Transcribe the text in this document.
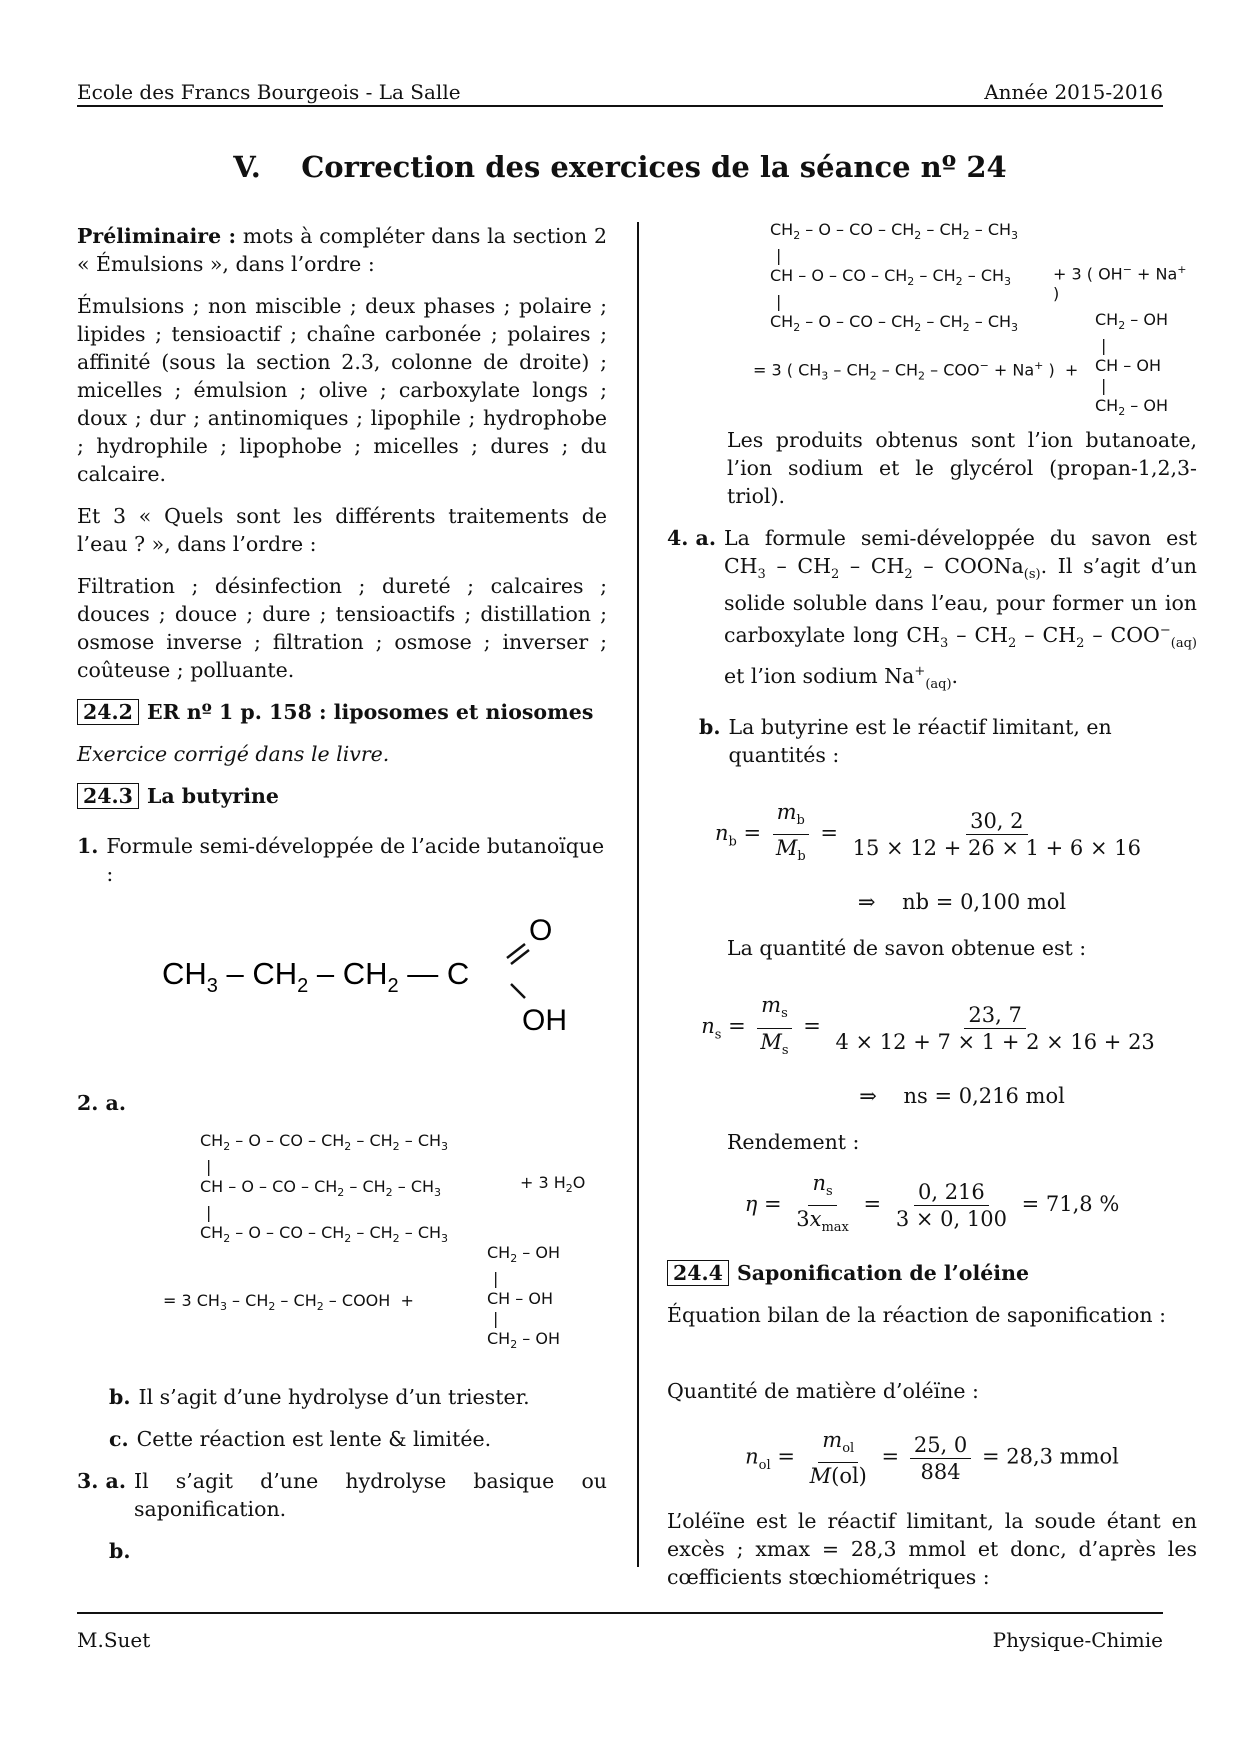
Ecole des Francs Bourgeois - La Salle	Année 2015-2016
M.Suet	Physique-Chimie
V.    Correction des exercices de la séance nº 24

Préliminaire : mots à compléter dans la section 2 « Émulsions », dans l’ordre :

Émulsions ; non miscible ; deux phases ; polaire ; lipides ; tensioactif ; chaîne carbonée ; polaires ; affinité (sous la section 2.3, colonne de droite) ; micelles ; émulsion ; olive ; carboxylate longs ; doux ; dur ; antinomiques ; lipophile ; hydrophobe ; hydrophile ; lipophobe ; micelles ; dures ; du calcaire.

Et 3 « Quels sont les différents traitements de l’eau ? », dans l’ordre :

Filtration ; désinfection ; dureté ; calcaires ; douces ; douce ; dure ; tensioactifs ; distillation ; osmose inverse ; filtration ; osmose ; inverser ; coûteuse ; polluante.

24.2 ER nº 1 p. 158 : liposomes et niosomes

Exercice corrigé dans le livre.

24.3 La butyrine
1. Formule semi-développée de l’acide butanoïque :
$CH_3 - CH_2 - CH_2$ — C
O
OH
2. a.
$CH_2$ – O – CO – $CH_2 - CH_2 - CH_3$
|
CH – O – CO – $CH_2 - CH_2 - CH_3$
|
$CH_2$ – O – CO – $CH_2 - CH_2 - CH_3$
+ 3 $H_2O$
= 3 $CH_3 - CH_2 - CH_2$ – COOH  +
$CH_2$ – OH
|
CH – OH
|
$CH_2$ – OH
b. Il s’agit d’une hydrolyse d’un triester.
c. Cette réaction est lente & limitée.
3. a. Il s’agit d’une hydrolyse basique ou saponification.
b.
$CH_2$ – O – CO – $CH_2 - CH_2 - CH_3$
|
CH – O – CO – $CH_2 - CH_2 - CH_3$
|
$CH_2$ – O – CO – $CH_2 - CH_2 - CH_3$
+ 3 ( OH− + Na+ )
= 3 ( $CH_3 - CH_2 - CH_2 - COO^- + Na^+$ )  +
$CH_2$ – OH
|
CH – OH
|
$CH_2$ – OH

Les produits obtenus sont l’ion butanoate, l’ion sodium et le glycérol (propan-1,2,3-triol).

4. a. La formule semi-développée du savon est $CH_3 - CH_2 - CH_2$ – COONa$_{(s)}$. Il s’agit d’un solide soluble dans l’eau, pour former un ion carboxylate long $CH_3 - CH_2 - CH_2 - COO^-_{(aq)}$ et l’ion sodium $Na^+_{(aq)}$.
b. La butyrine est le réactif limitant, en quantités :
$n_b = \frac{m_b}{M_b} = \frac{30, 2}{15 \times 12 + 26 \times 1 + 6 \times 16}$
⇒    nb = 0,100 mol

La quantité de savon obtenue est :

$n_s = \frac{m_s}{M_s} = \frac{23, 7}{4 \times 12 + 7 \times 1 + 2 \times 16 + 23}$
⇒    ns = 0,216 mol

Rendement :

$\eta = \frac{n_s}{3x_{max}} = \frac{0, 216}{3 \times 0, 100} = 71,8$ %
24.4 Saponification de l’oléine

Équation bilan de la réaction de saponification :

Quantité de matière d’oléïne :

$n_{ol} = \frac{m_{ol}}{M(ol)} = \frac{25, 0}{884} = 28,3$ mmol

L’oléïne est le réactif limitant, la soude étant en excès ; xmax = 28,3 mmol et donc, d’après les cœfficients stœchiométriques :
